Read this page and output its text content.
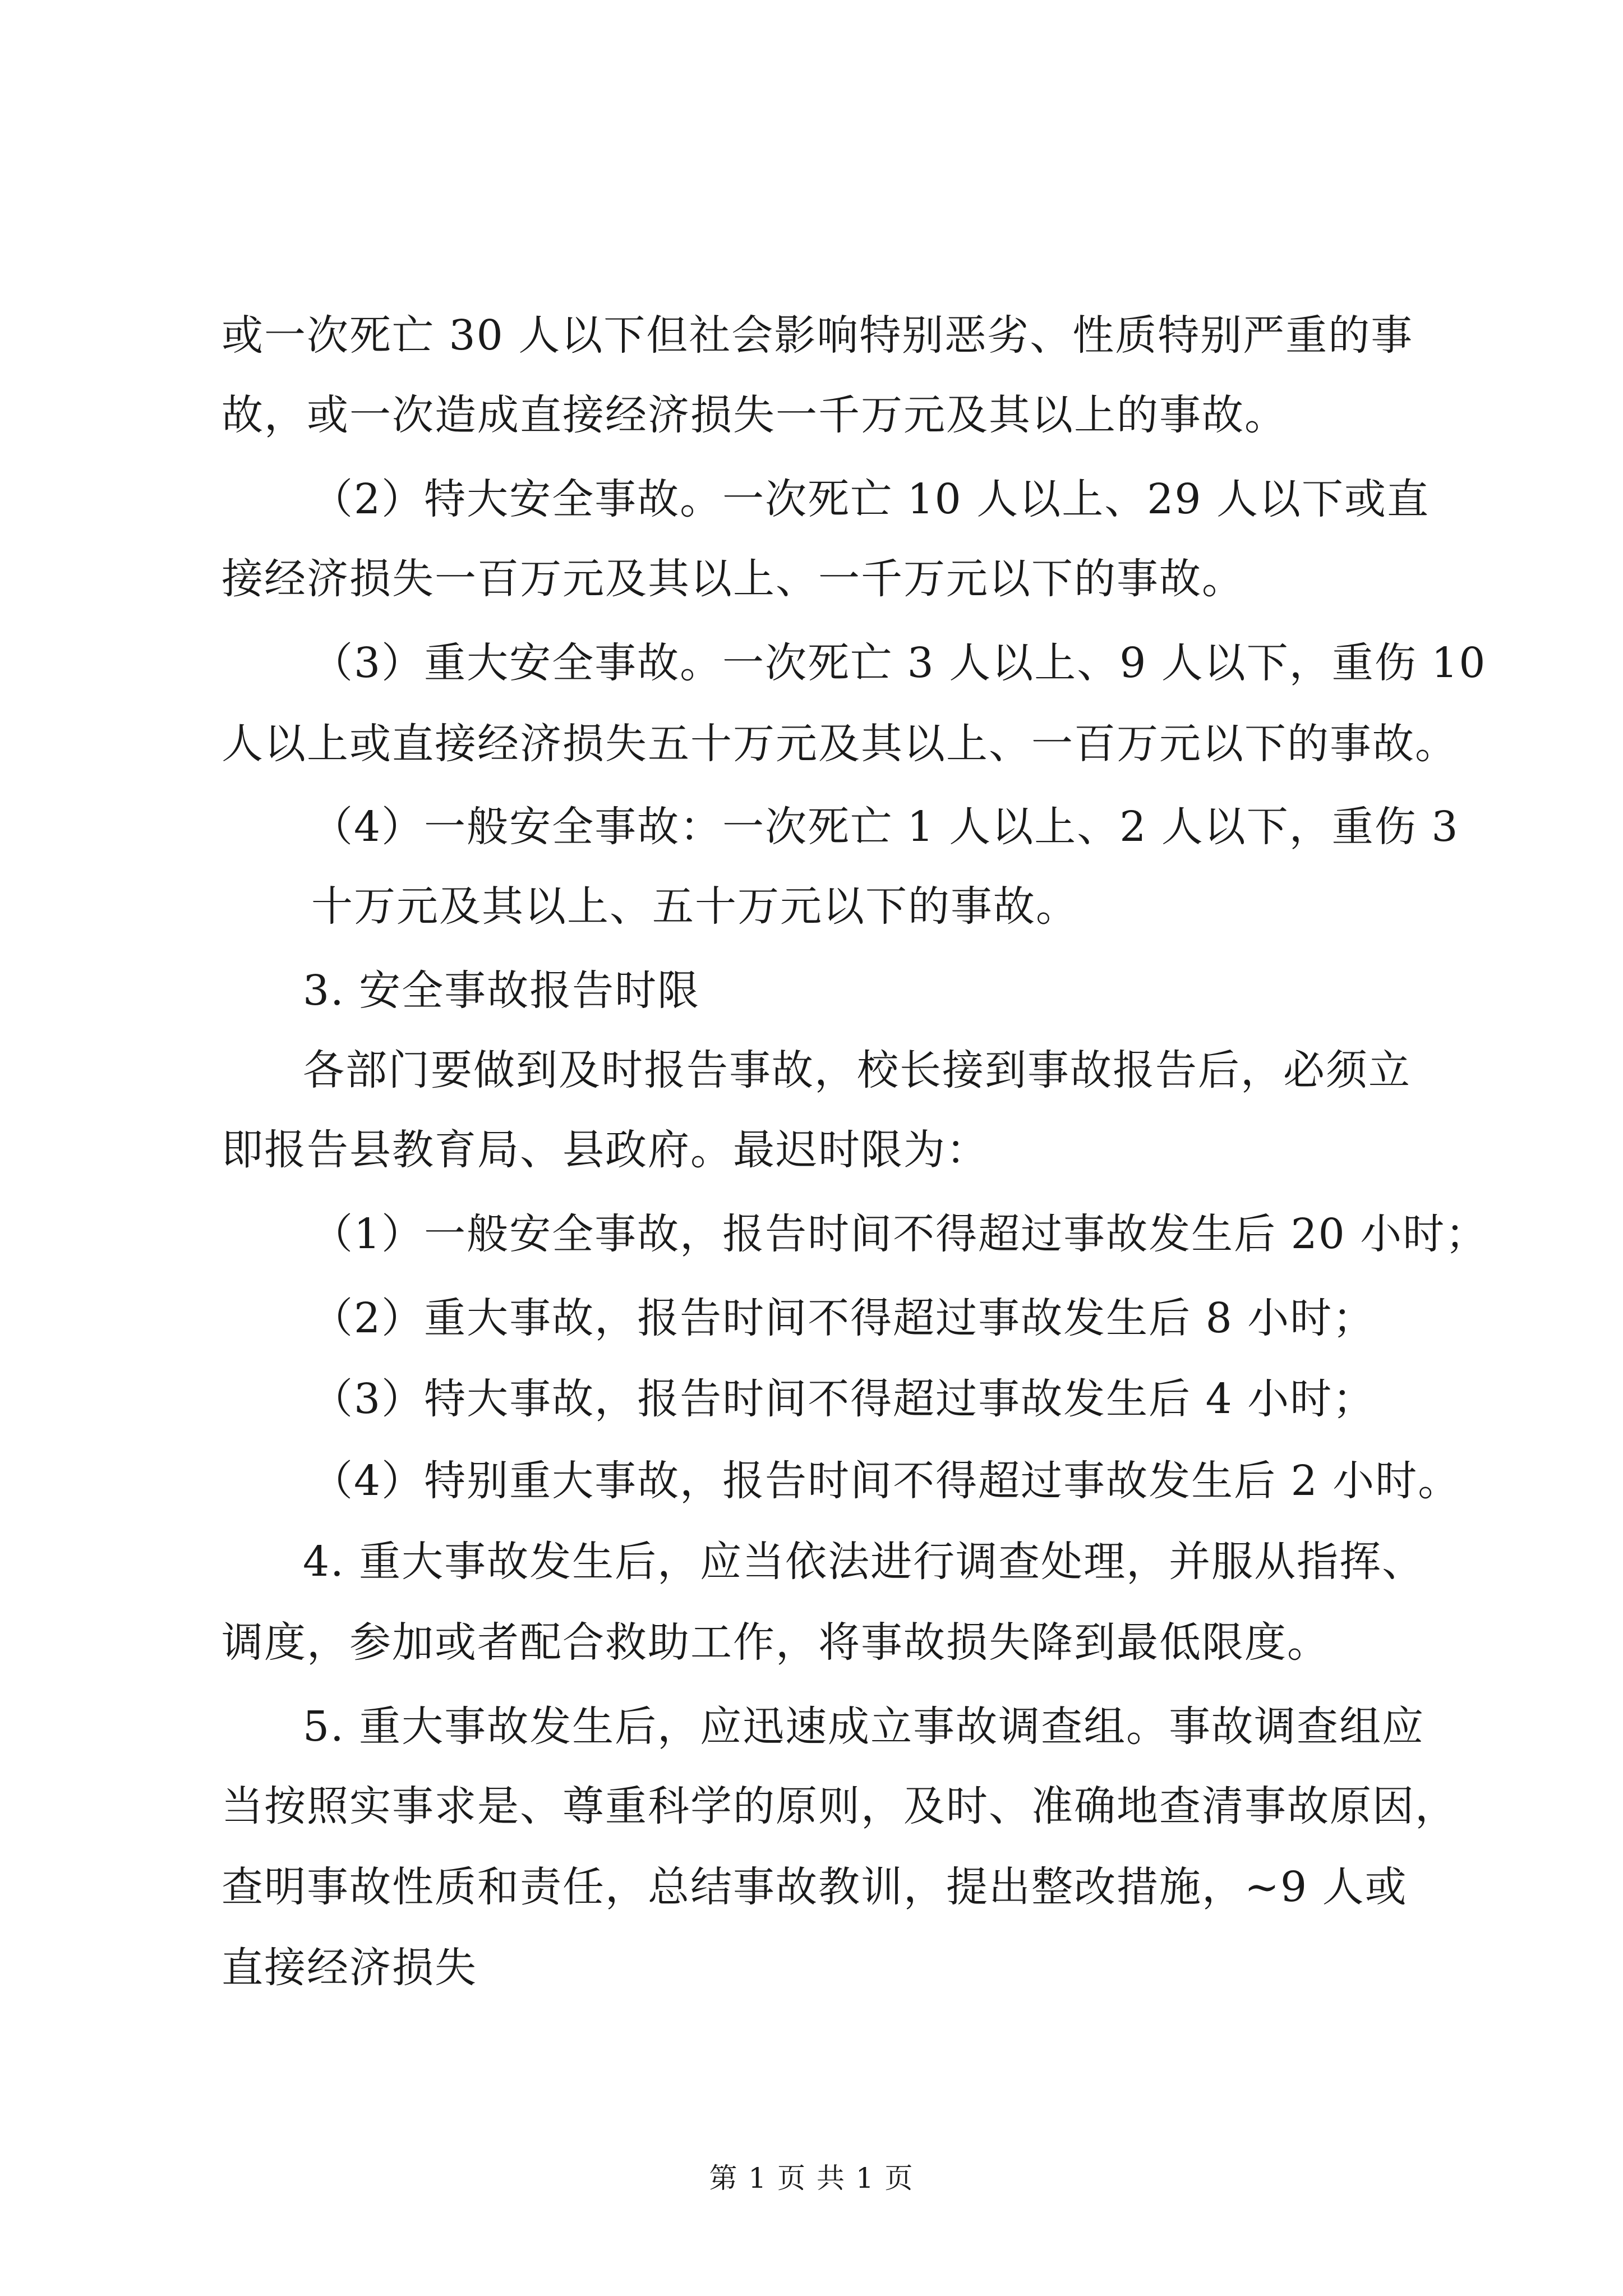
或一次死亡 30 人以下但社会影响特别恶劣、性质特别严重的事
故，或一次造成直接经济损失一千万元及其以上的事故。
（2）特大安全事故。一次死亡 10 人以上、29 人以下或直
接经济损失一百万元及其以上、一千万元以下的事故。
（3）重大安全事故。一次死亡 3 人以上、9 人以下，重伤 10
人以上或直接经济损失五十万元及其以上、一百万元以下的事故。
（4）一般安全事故：一次死亡 1 人以上、2 人以下，重伤 3
十万元及其以上、五十万元以下的事故。
3. 安全事故报告时限
各部门要做到及时报告事故，校长接到事故报告后，必须立
即报告县教育局、县政府。最迟时限为：
（1）一般安全事故，报告时间不得超过事故发生后 20 小时；
（2）重大事故，报告时间不得超过事故发生后 8 小时；
（3）特大事故，报告时间不得超过事故发生后 4 小时；
（4）特别重大事故，报告时间不得超过事故发生后 2 小时。
4. 重大事故发生后，应当依法进行调查处理，并服从指挥、
调度，参加或者配合救助工作，将事故损失降到最低限度。
5. 重大事故发生后，应迅速成立事故调查组。事故调查组应
当按照实事求是、尊重科学的原则，及时、准确地查清事故原因，
查明事故性质和责任，总结事故教训，提出整改措施，~9 人或
直接经济损失
第 1 页 共 1 页
